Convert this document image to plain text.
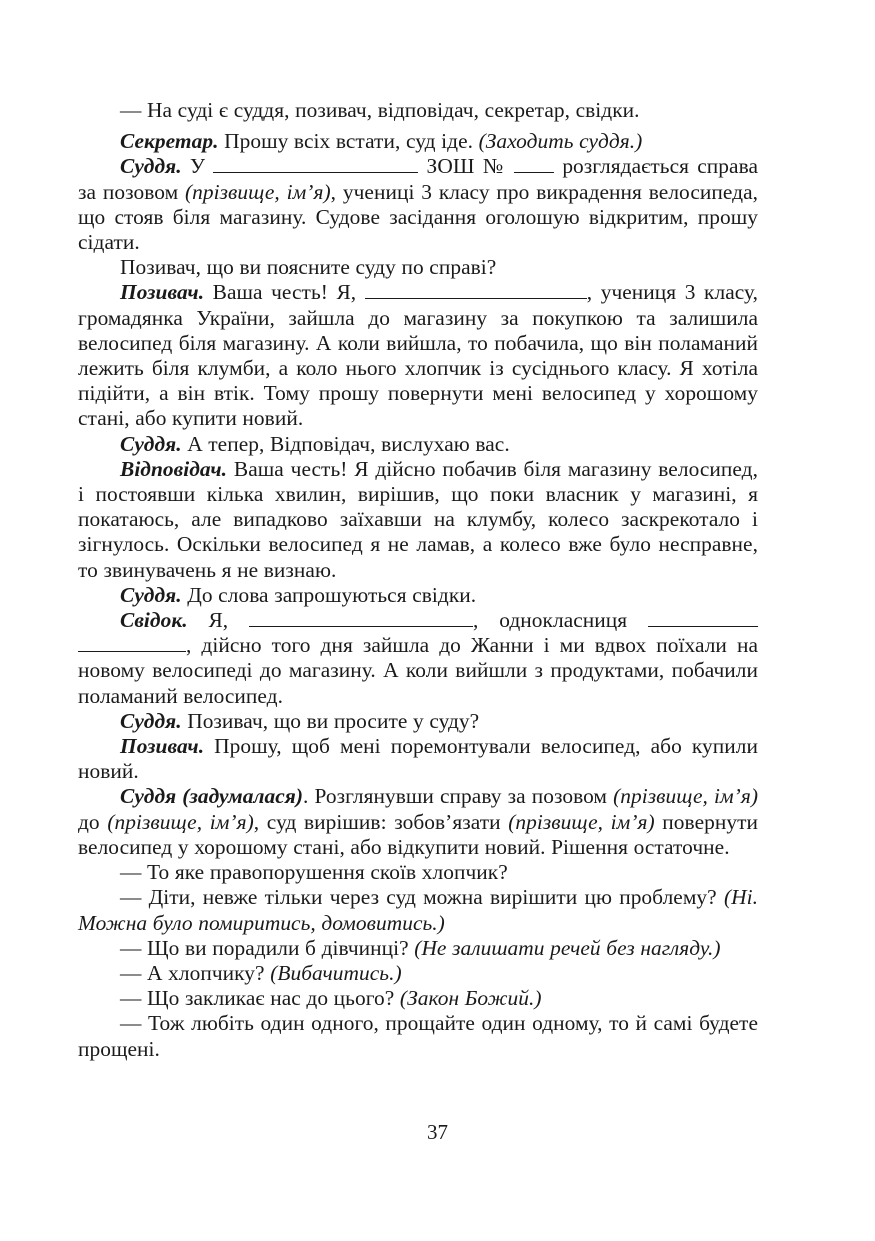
— На суді є суддя, позивач, відповідач, секретар, свідки.

Секретар. Прошу всіх встати, суд іде. (Заходить суддя.)

Суддя. У	ЗОШ №  розглядається справа за позовом (прізвище, ім’я), учениці 3 класу про викрадення велосипеда, що стояв біля магазину. Судове засідання оголошую відкритим, прошу сідати.

Позивач, що ви поясните суду по справі?

Позивач. Ваша честь! Я,	, учениця 3 класу, громадянка України, зайшла до магазину за покупкою та залишила велосипед біля магазину. А коли вийшла, то побачила, що він поламаний лежить біля клумби, а коло нього хлопчик із сусіднього класу. Я хотіла підійти, а він втік. Тому прошу повернути мені велосипед у хорошому стані, або купити новий.

Суддя. А тепер, Відповідач, вислухаю вас.

Відповідач. Ваша честь! Я дійсно побачив біля магазину велосипед, і постоявши кілька хвилин, вирішив, що поки власник у магазині, я покатаюсь, але випадково заїхавши на клумбу, колесо заскрекотало і зігнулось. Оскільки велосипед я не ламав, а колесо вже було несправне, то звинувачень я не визнаю.

Суддя. До слова запрошуються свідки.

Свідок. Я,	, однокласниця  , дійсно того дня зайшла до Жанни і ми вдвох поїхали на новому велосипеді до магазину. А коли вийшли з продуктами, побачили поламаний велосипед.

Суддя. Позивач, що ви просите у суду?

Позивач. Прошу, щоб мені поремонтували велосипед, або купили новий.

Суддя (задумалася). Розглянувши справу за позовом (прізвище, ім’я) до (прізвище, ім’я), суд вирішив: зобов’язати (прізвище, ім’я) повернути велосипед у хорошому стані, або відкупити новий. Рішення остаточне.

— То яке правопорушення скоїв хлопчик?

— Діти, невже тільки через суд можна вирішити цю проблему? (Ні. Можна було помиритись, домовитись.)

— Що ви порадили б дівчинці? (Не залишати речей без нагляду.)

— А хлопчику? (Вибачитись.)

— Що закликає нас до цього? (Закон Божий.)

— Тож любіть один одного, прощайте один одному, то й самі будете прощені.

37
